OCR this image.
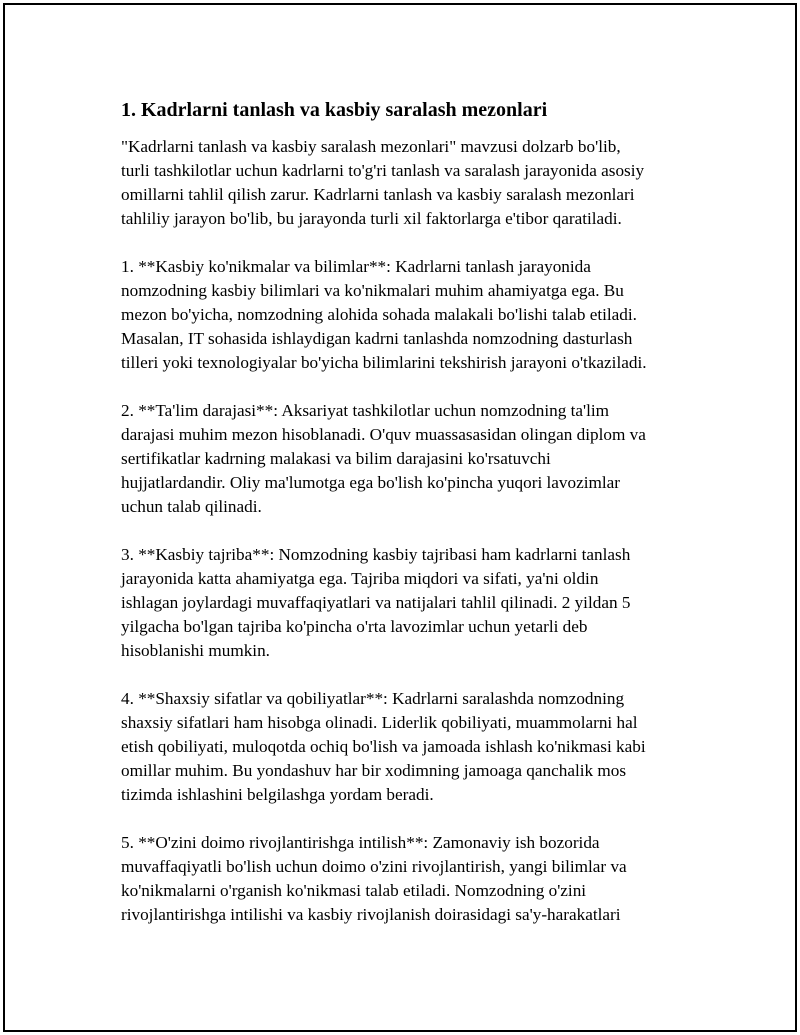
1. Kadrlarni tanlash va kasbiy saralash mezonlari
"Kadrlarni tanlash va kasbiy saralash mezonlari" mavzusi dolzarb bo'lib,
turli tashkilotlar uchun kadrlarni to'g'ri tanlash va saralash jarayonida asosiy
omillarni tahlil qilish zarur. Kadrlarni tanlash va kasbiy saralash mezonlari
tahliliy jarayon bo'lib, bu jarayonda turli xil faktorlarga e'tibor qaratiladi.
1. **Kasbiy ko'nikmalar va bilimlar**: Kadrlarni tanlash jarayonida
nomzodning kasbiy bilimlari va ko'nikmalari muhim ahamiyatga ega. Bu
mezon bo'yicha, nomzodning alohida sohada malakali bo'lishi talab etiladi.
Masalan, IT sohasida ishlaydigan kadrni tanlashda nomzodning dasturlash
tilleri yoki texnologiyalar bo'yicha bilimlarini tekshirish jarayoni o'tkaziladi.
2. **Ta'lim darajasi**: Aksariyat tashkilotlar uchun nomzodning ta'lim
darajasi muhim mezon hisoblanadi. O'quv muassasasidan olingan diplom va
sertifikatlar kadrning malakasi va bilim darajasini ko'rsatuvchi
hujjatlardandir. Oliy ma'lumotga ega bo'lish ko'pincha yuqori lavozimlar
uchun talab qilinadi.
3. **Kasbiy tajriba**: Nomzodning kasbiy tajribasi ham kadrlarni tanlash
jarayonida katta ahamiyatga ega. Tajriba miqdori va sifati, ya'ni oldin
ishlagan joylardagi muvaffaqiyatlari va natijalari tahlil qilinadi. 2 yildan 5
yilgacha bo'lgan tajriba ko'pincha o'rta lavozimlar uchun yetarli deb
hisoblanishi mumkin.
4. **Shaxsiy sifatlar va qobiliyatlar**: Kadrlarni saralashda nomzodning
shaxsiy sifatlari ham hisobga olinadi. Liderlik qobiliyati, muammolarni hal
etish qobiliyati, muloqotda ochiq bo'lish va jamoada ishlash ko'nikmasi kabi
omillar muhim. Bu yondashuv har bir xodimning jamoaga qanchalik mos
tizimda ishlashini belgilashga yordam beradi.
5. **O'zini doimo rivojlantirishga intilish**: Zamonaviy ish bozorida
muvaffaqiyatli bo'lish uchun doimo o'zini rivojlantirish, yangi bilimlar va
ko'nikmalarni o'rganish ko'nikmasi talab etiladi. Nomzodning o'zini
rivojlantirishga intilishi va kasbiy rivojlanish doirasidagi sa'y-harakatlari
